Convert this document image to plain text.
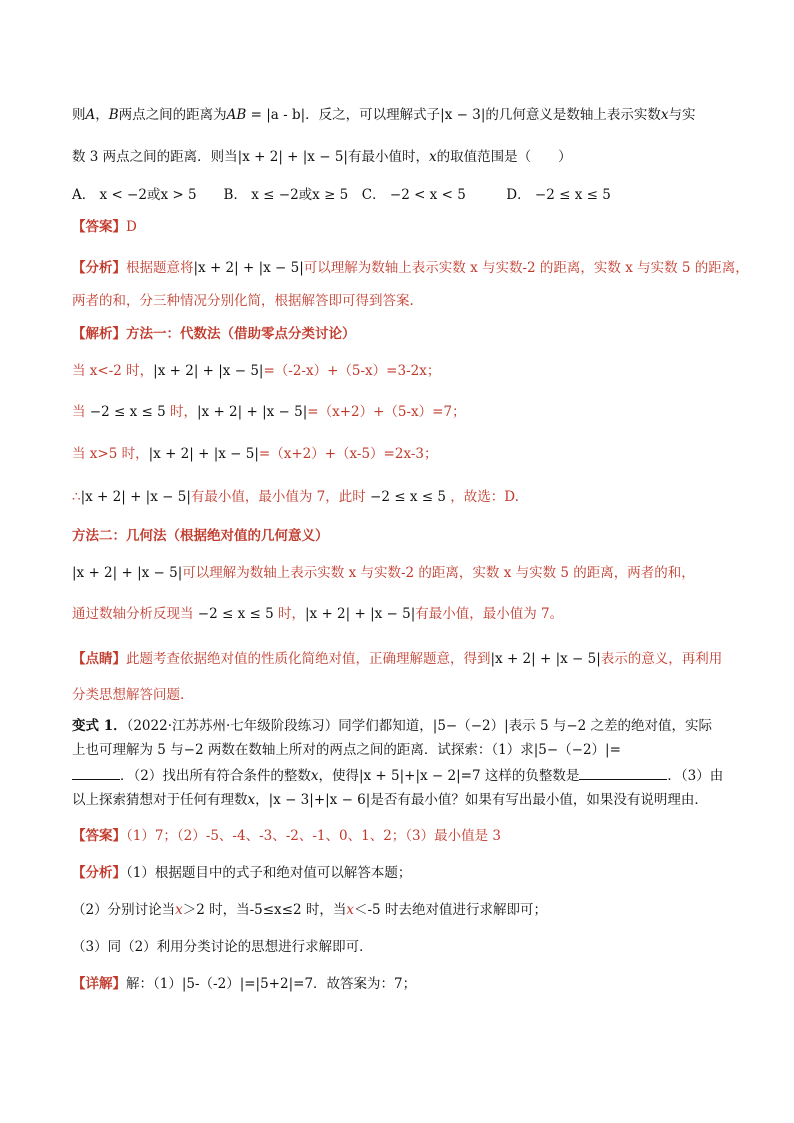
则A，B两点之间的距离为AB = |a - b|．反之，可以理解式子|x − 3|的几何意义是数轴上表示实数x与实
数 3 两点之间的距离．则当|x + 2| + |x − 5|有最小值时，x的取值范围是（　　）
A． x < −2或x > 5　　B． x ≤ −2或x ≥ 5　C． −2 < x < 5　　　D． −2 ≤ x ≤ 5
【答案】D
【分析】根据题意将|x + 2| + |x − 5|可以理解为数轴上表示实数 x 与实数-2 的距离，实数 x 与实数 5 的距离，
两者的和，分三种情况分别化简，根据解答即可得到答案.
【解析】方法一：代数法（借助零点分类讨论）
当 x<-2 时，|x + 2| + |x − 5|=（-2-x）+（5-x）=3-2x；
当 −2 ≤ x ≤ 5 时，|x + 2| + |x − 5|=（x+2）+（5-x）=7；
当 x>5 时，|x + 2| + |x − 5|=（x+2）+（x-5）=2x-3；
∴|x + 2| + |x − 5|有最小值，最小值为 7，此时 −2 ≤ x ≤ 5 ，故选：D.
方法二：几何法（根据绝对值的几何意义）
|x + 2| + |x − 5|可以理解为数轴上表示实数 x 与实数-2 的距离，实数 x 与实数 5 的距离，两者的和，
通过数轴分析反现当 −2 ≤ x ≤ 5 时，|x + 2| + |x − 5|有最小值，最小值为 7。
【点睛】此题考查依据绝对值的性质化简绝对值，正确理解题意，得到|x + 2| + |x − 5|表示的意义，再利用
分类思想解答问题.
变式 1．（2022·江苏苏州·七年级阶段练习）同学们都知道，|5−（−2）|表示 5 与−2 之差的绝对值，实际
上也可理解为 5 与−2 两数在数轴上所对的两点之间的距离．试探索：（1）求|5−（−2）|=
．（2）找出所有符合条件的整数x，使得|x + 5|+|x − 2|=7 这样的负整数是	．（3）由
以上探索猜想对于任何有理数x，|x − 3|+|x − 6|是否有最小值？如果有写出最小值，如果没有说明理由．
【答案】（1）7；（2）-5、-4、-3、-2、-1、0、1、2；（3）最小值是 3
【分析】（1）根据题目中的式子和绝对值可以解答本题；
（2）分别讨论当x＞2 时，当-5≤x≤2 时，当x＜-5 时去绝对值进行求解即可；
（3）同（2）利用分类讨论的思想进行求解即可．
【详解】解：（1）|5-（-2）|=|5+2|=7．故答案为：7；
